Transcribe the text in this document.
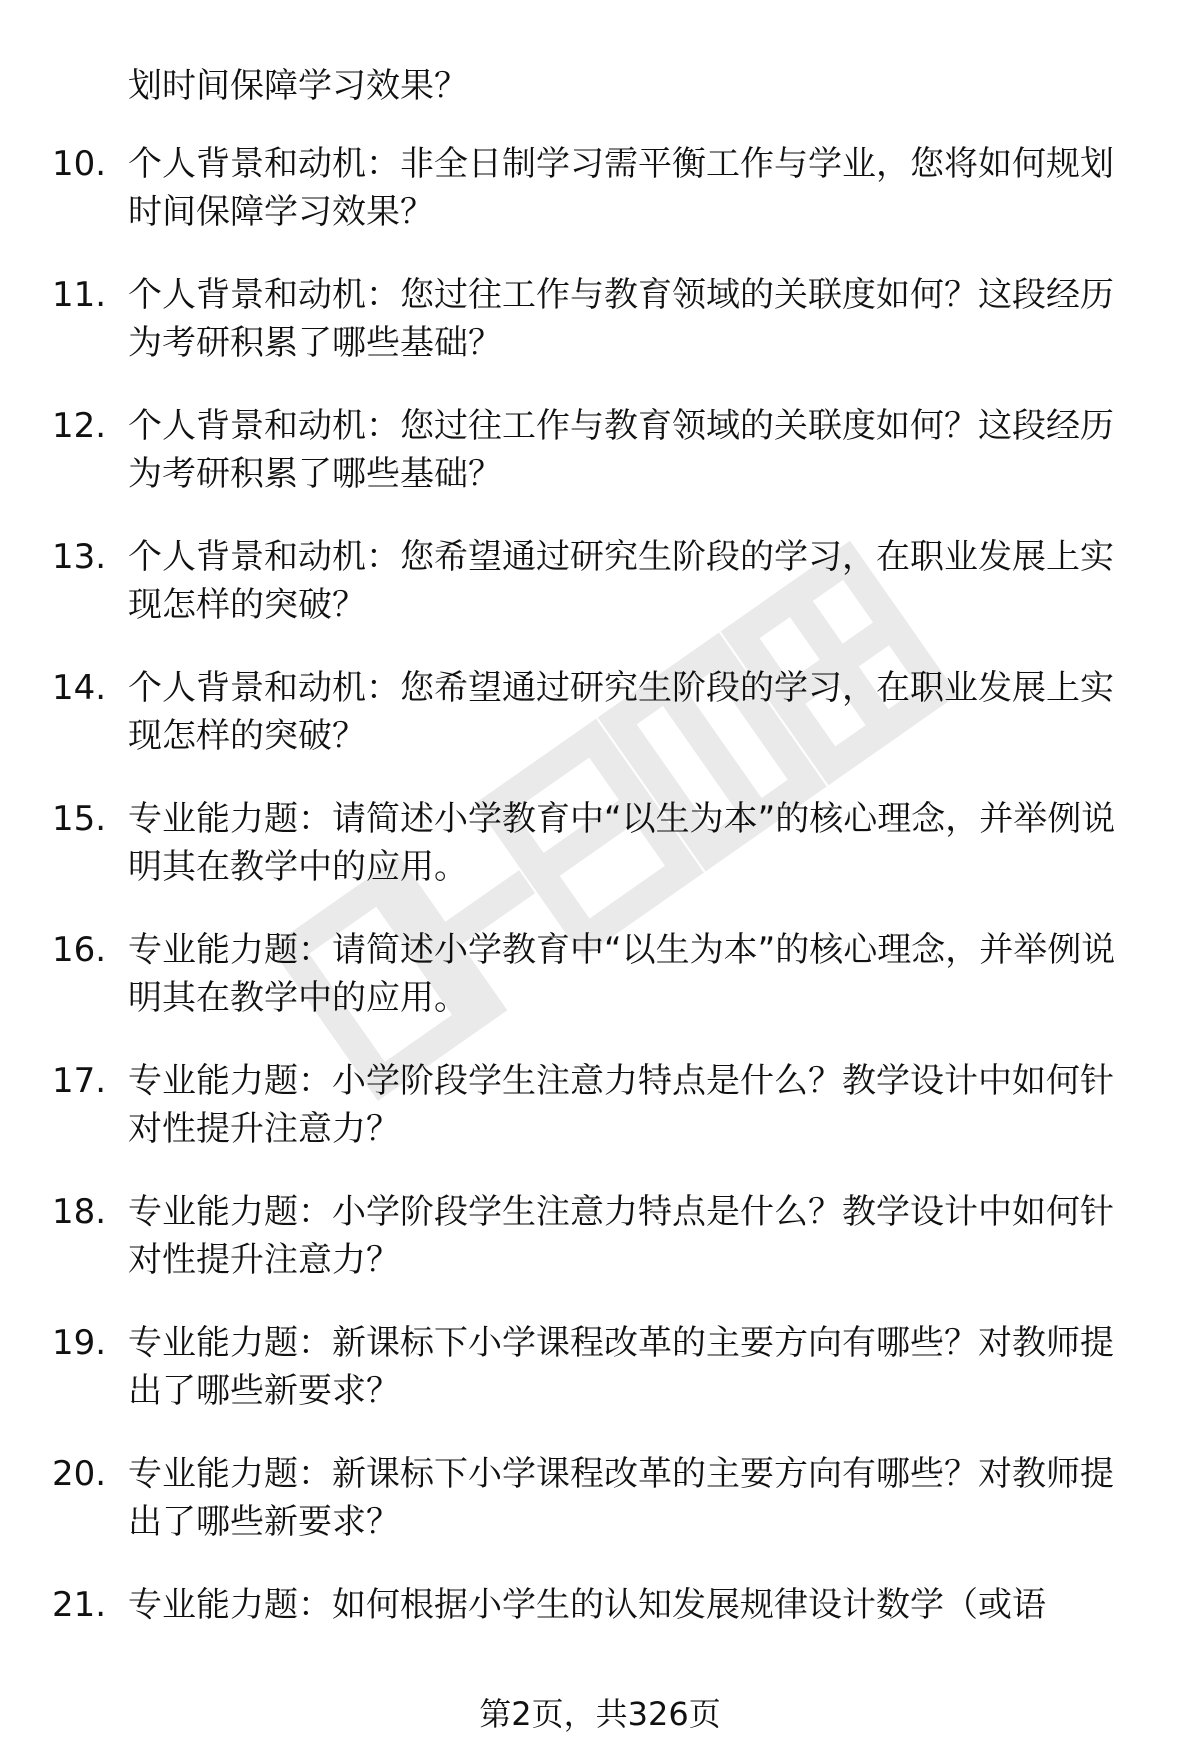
划时间保障学习效果？
10. 个人背景和动机：非全日制学习需平衡工作与学业，您将如何规划时间保障学习效果？
11. 个人背景和动机：您过往工作与教育领域的关联度如何？这段经历为考研积累了哪些基础？
12. 个人背景和动机：您过往工作与教育领域的关联度如何？这段经历为考研积累了哪些基础？
13. 个人背景和动机：您希望通过研究生阶段的学习，在职业发展上实现怎样的突破？
14. 个人背景和动机：您希望通过研究生阶段的学习，在职业发展上实现怎样的突破？
15. 专业能力题：请简述小学教育中“以生为本”的核心理念，并举例说明其在教学中的应用。
16. 专业能力题：请简述小学教育中“以生为本”的核心理念，并举例说明其在教学中的应用。
17. 专业能力题：小学阶段学生注意力特点是什么？教学设计中如何针对性提升注意力？
18. 专业能力题：小学阶段学生注意力特点是什么？教学设计中如何针对性提升注意力？
19. 专业能力题：新课标下小学课程改革的主要方向有哪些？对教师提出了哪些新要求？
20. 专业能力题：新课标下小学课程改革的主要方向有哪些？对教师提出了哪些新要求？
21. 专业能力题：如何根据小学生的认知发展规律设计数学（或语
第2页，共326页
